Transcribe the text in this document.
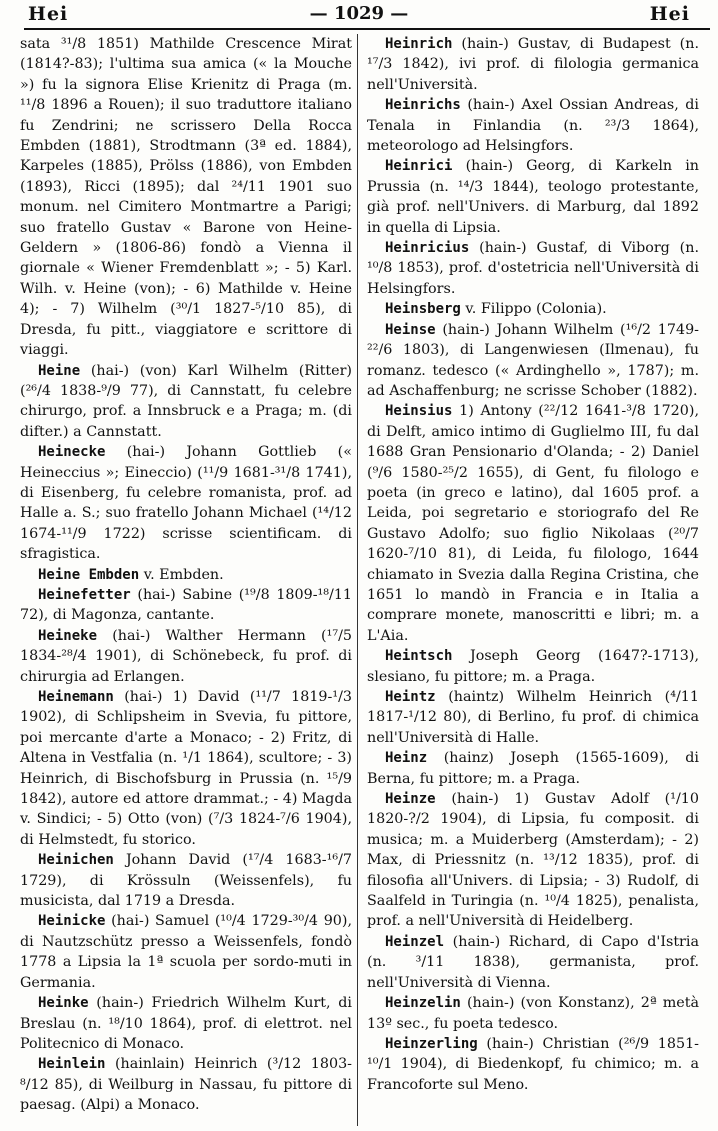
Hei	— 1029 —	Hei

sata ³¹/8 1851) Mathilde Crescence Mirat (1814?-83); l'ultima sua amica (« la Mouche ») fu la signora Elise Krienitz di Praga (m. ¹¹/8 1896 a Rouen); il suo traduttore italiano fu Zendrini; ne scrissero Della Rocca Embden (1881), Strodtmann (3ª ed. 1884), Karpeles (1885), Prölss (1886), von Embden (1893), Ricci (1895); dal ²⁴/11 1901 suo monum. nel Cimitero Montmartre a Parigi; suo fratello Gustav « Barone von Heine-Geldern » (1806-86) fondò a Vienna il giornale « Wiener Fremdenblatt »; - 5) Karl. Wilh. v. Heine (von); - 6) Mathilde v. Heine 4); - 7) Wilhelm (³⁰/1 1827-⁵/10 85), di Dresda, fu pitt., viaggiatore e scrittore di viaggi.

Heine (hai-) (von) Karl Wilhelm (Ritter) (²⁶/4 1838-⁹/9 77), di Cannstatt, fu celebre chirurgo, prof. a Innsbruck e a Praga; m. (di difter.) a Cannstatt.

Heinecke (hai-) Johann Gottlieb (« Heineccius »; Eineccio) (¹¹/9 1681-³¹/8 1741), di Eisenberg, fu celebre romanista, prof. ad Halle a. S.; suo fratello Johann Michael (¹⁴/12 1674-¹¹/9 1722) scrisse scientificam. di sfragistica.

Heine Embden v. Embden.

Heinefetter (hai-) Sabine (¹⁹/8 1809-¹⁸/11 72), di Magonza, cantante.

Heineke (hai-) Walther Hermann (¹⁷/5 1834-²⁸/4 1901), di Schönebeck, fu prof. di chirurgia ad Erlangen.

Heinemann (hai-) 1) David (¹¹/7 1819-¹/3 1902), di Schlipsheim in Svevia, fu pittore, poi mercante d'arte a Monaco; - 2) Fritz, di Altena in Vestfalia (n. ¹/1 1864), scultore; - 3) Heinrich, di Bischofsburg in Prussia (n. ¹⁵/9 1842), autore ed attore drammat.; - 4) Magda v. Sindici; - 5) Otto (von) (⁷/3 1824-⁷/6 1904), di Helmstedt, fu storico.

Heinichen Johann David (¹⁷/4 1683-¹⁶/7 1729), di Krössuln (Weissenfels), fu musicista, dal 1719 a Dresda.

Heinicke (hai-) Samuel (¹⁰/4 1729-³⁰/4 90), di Nautzschütz presso a Weissenfels, fondò 1778 a Lipsia la 1ª scuola per sordo-muti in Germania.

Heinke (hain-) Friedrich Wilhelm Kurt, di Breslau (n. ¹⁸/10 1864), prof. di elettrot. nel Politecnico di Monaco.

Heinlein (hainlain) Heinrich (³/12 1803-⁸/12 85), di Weilburg in Nassau, fu pittore di paesag. (Alpi) a Monaco.

Heinrich (hain-) Gustav, di Budapest (n. ¹⁷/3 1842), ivi prof. di filologia germanica nell'Università.

Heinrichs (hain-) Axel Ossian Andreas, di Tenala in Finlandia (n. ²³/3 1864), meteorologo ad Helsingfors.

Heinrici (hain-) Georg, di Karkeln in Prussia (n. ¹⁴/3 1844), teologo protestante, già prof. nell'Univers. di Marburg, dal 1892 in quella di Lipsia.

Heinricius (hain-) Gustaf, di Viborg (n. ¹⁰/8 1853), prof. d'ostetricia nell'Università di Helsingfors.

Heinsberg v. Filippo (Colonia).

Heinse (hain-) Johann Wilhelm (¹⁶/2 1749-²²/6 1803), di Langenwiesen (Ilmenau), fu romanz. tedesco (« Ardinghello », 1787); m. ad Aschaffenburg; ne scrisse Schober (1882).

Heinsius 1) Antony (²²/12 1641-³/8 1720), di Delft, amico intimo di Guglielmo III, fu dal 1688 Gran Pensionario d'Olanda; - 2) Daniel (⁹/6 1580-²⁵/2 1655), di Gent, fu filologo e poeta (in greco e latino), dal 1605 prof. a Leida, poi segretario e storiografo del Re Gustavo Adolfo; suo figlio Nikolaas (²⁰/7 1620-⁷/10 81), di Leida, fu filologo, 1644 chiamato in Svezia dalla Regina Cristina, che 1651 lo mandò in Francia e in Italia a comprare monete, manoscritti e libri; m. a L'Aia.

Heintsch Joseph Georg (1647?-1713), slesiano, fu pittore; m. a Praga.

Heintz (haintz) Wilhelm Heinrich (⁴/11 1817-¹/12 80), di Berlino, fu prof. di chimica nell'Università di Halle.

Heinz (hainz) Joseph (1565-1609), di Berna, fu pittore; m. a Praga.

Heinze (hain-) 1) Gustav Adolf (¹/10 1820-?/2 1904), di Lipsia, fu composit. di musica; m. a Muiderberg (Amsterdam); - 2) Max, di Priessnitz (n. ¹³/12 1835), prof. di filosofia all'Univers. di Lipsia; - 3) Rudolf, di Saalfeld in Turingia (n. ¹⁰/4 1825), penalista, prof. a nell'Università di Heidelberg.

Heinzel (hain-) Richard, di Capo d'Istria (n. ³/11 1838), germanista, prof. nell'Università di Vienna.

Heinzelin (hain-) (von Konstanz), 2ª metà 13º sec., fu poeta tedesco.

Heinzerling (hain-) Christian (²⁶/9 1851-¹⁰/1 1904), di Biedenkopf, fu chimico; m. a Francoforte sul Meno.
